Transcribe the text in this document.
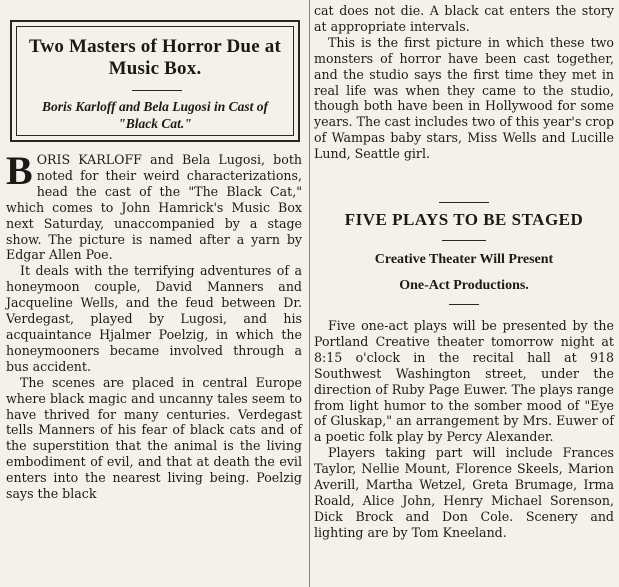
Two Masters of Horror Due at Music Box.
Boris Karloff and Bela Lugosi in Cast of "Black Cat."

BORIS KARLOFF and Bela Lugosi, both noted for their weird characterizations, head the cast of the "The Black Cat," which comes to John Hamrick's Music Box next Saturday, unaccompanied by a stage show. The picture is named after a yarn by Edgar Allen Poe.

It deals with the terrifying adventures of a honeymoon couple, David Manners and Jacqueline Wells, and the feud between Dr. Verdegast, played by Lugosi, and his acquaintance Hjalmer Poelzig, in which the honeymooners became involved through a bus accident.

The scenes are placed in central Europe where black magic and uncanny tales seem to have thrived for many centuries. Verdegast tells Manners of his fear of black cats and of the superstition that the animal is the living embodiment of evil, and that at death the evil enters into the nearest living being. Poelzig says the black

cat does not die. A black cat enters the story at appropriate intervals.

This is the first picture in which these two monsters of horror have been cast together, and the studio says the first time they met in real life was when they came to the studio, though both have been in Hollywood for some years. The cast includes two of this year's crop of Wampas baby stars, Miss Wells and Lucille Lund, Seattle girl.

FIVE PLAYS TO BE STAGED
Creative Theater Will Present
One-Act Productions.

Five one-act plays will be presented by the Portland Creative theater tomorrow night at 8:15 o'clock in the recital hall at 918 Southwest Washington street, under the direction of Ruby Page Euwer. The plays range from light humor to the somber mood of "Eye of Gluskap," an arrangement by Mrs. Euwer of a poetic folk play by Percy Alexander.

Players taking part will include Frances Taylor, Nellie Mount, Florence Skeels, Marion Averill, Martha Wetzel, Greta Brumage, Irma Roald, Alice John, Henry Michael Sorenson, Dick Brock and Don Cole. Scenery and lighting are by Tom Kneeland.
